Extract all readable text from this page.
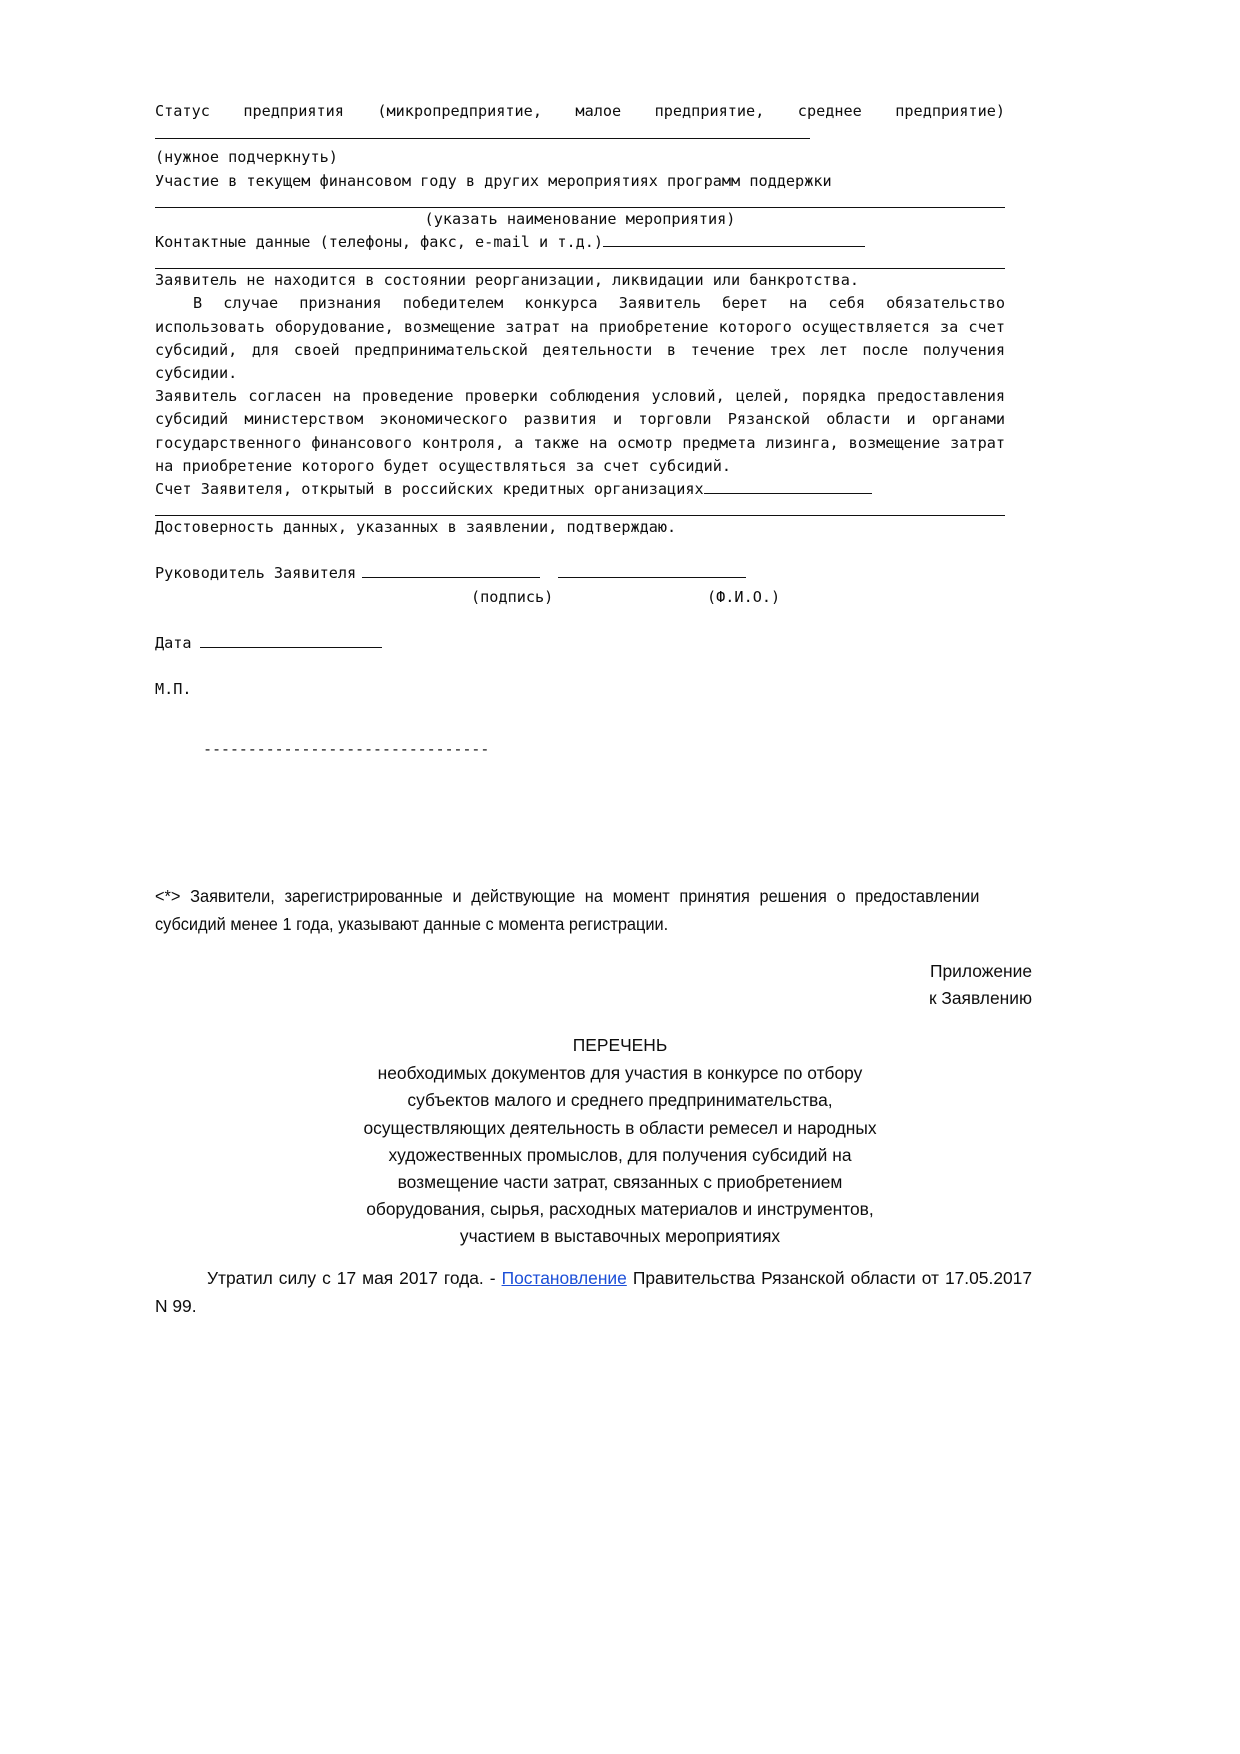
Статус предприятия (микропредприятие, малое предприятие, среднее предприятие)
(нужное подчеркнуть)
Участие в текущем финансовом году в других мероприятиях программ поддержки
(указать наименование мероприятия)
Контактные данные (телефоны, факс, e-mail и т.д.)
Заявитель не находится в состоянии реорганизации, ликвидации или банкротства.
В случае признания победителем конкурса Заявитель берет на себя обязательство использовать оборудование, возмещение затрат на приобретение которого осуществляется за счет субсидий, для своей предпринимательской деятельности в течение трех лет после получения субсидии.
Заявитель согласен на проведение проверки соблюдения условий, целей, порядка предоставления субсидий министерством экономического развития и торговли Рязанской области и органами государственного финансового контроля, а также на осмотр предмета лизинга, возмещение затрат на приобретение которого будет осуществляться за счет субсидий.
Счет Заявителя, открытый в российских кредитных организациях
Достоверность данных, указанных в заявлении, подтверждаю.
Руководитель Заявителя
(подпись)	(Ф.И.О.)
Дата
М.П.
--------------------------------
<*> Заявители, зарегистрированные и действующие на момент принятия решения о предоставлении субсидий менее 1 года, указывают данные с момента регистрации.
Приложение
к Заявлению
ПЕРЕЧЕНЬ
необходимых документов для участия в конкурсе по отбору
субъектов малого и среднего предпринимательства,
осуществляющих деятельность в области ремесел и народных
художественных промыслов, для получения субсидий на
возмещение части затрат, связанных с приобретением
оборудования, сырья, расходных материалов и инструментов,
участием в выставочных мероприятиях
Утратил силу с 17 мая 2017 года. - Постановление Правительства Рязанской области от 17.05.2017 N 99.
